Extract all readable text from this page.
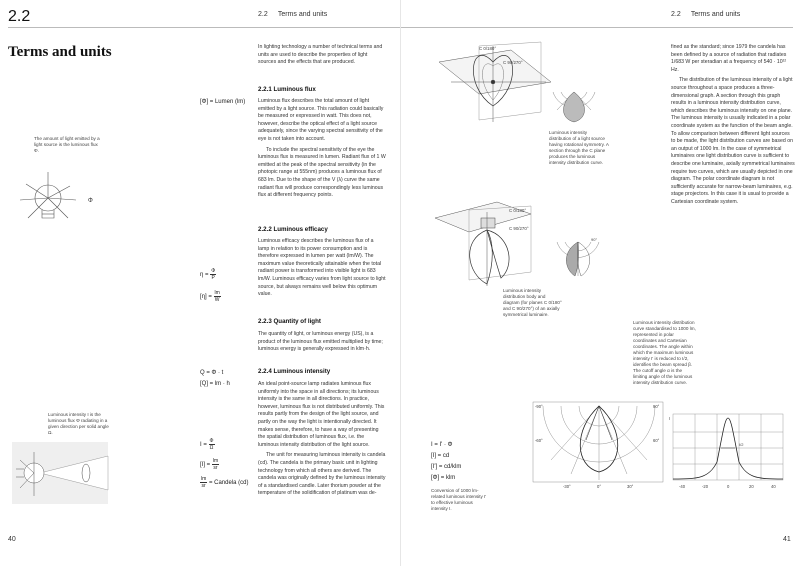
2.2	2.2 Terms and units
Terms and units	In lighting technology a number of technical terms and units are used to describe the properties of light sources and the effects that are produced.

2.2.1 Luminous flux
[Φ] = Lumen (lm) Luminous flux describes the total amount of light emitted by a light source. This radiation could basically be measured or expressed in watt. This does not, however, describe the optical effect of a light source adequately, since the varying spectral sensitivity of the eye is not taken into account.

To include the spectral sensitivity of the eye the luminous flux is measured in lumen. Radiant flux of 1 W emitted at the peak of the spectral sensitivity (in the photopic range at 555nm) produces a luminous flux of 683 lm. Due to the shape of the V (λ) curve the same radiant flux will produce correspondingly less luminous flux at different frequency points.

The amount of light emitted by a light source is the luminous flux Φ.
Φ
2.2.2 Luminous efficacy

Luminous efficacy describes the luminous flux of a lamp in relation to its power consumption and is therefore expressed in lumen per watt (lm/W). The maximum value theoretically attainable when the total radiant power is transformed into visible light is 683 lm/W. Luminous efficacy varies from light source to light source, but always remains well below this optimum value.

$\eta = \frac{\Phi}{P}$
$[\eta] = \frac{lm}{W}$
2.2.3 Quantity of light

The quantity of light, or luminous energy (US), is a product of the luminous flux emitted multiplied by time; luminous energy is generally expressed in klm·h.

Q = Φ · t
[Q] = lm · h
2.2.4 Luminous intensity

An ideal point-source lamp radiates luminous flux uniformly into the space in all directions; its luminous intensity is the same in all directions. In practice, however, luminous flux is not distributed uniformly. This results partly from the design of the light source, and partly on the way the light is intentionally directed. It makes sense, therefore, to have a way of presenting the spatial distribution of luminous flux, i.e. the luminous intensity distribution of the light source.

The unit for measuring luminous intensity is candela (cd). The candela is the primary basic unit in lighting technology from which all others are derived. The candela was originally defined by the luminous intensity of a standardised candle. Later thorium powder at the temperature of the solidification of platinum was de-

Luminous intensity I is the luminous flux Φ radiating in a given direction per solid angle Ω.
$I = \frac{\Phi}{\Omega}$
$[I] = \frac{lm}{sr}$
$\frac{lm}{sr}$ = Candela (cd)
40
2.2 Terms and units

fined as the standard; since 1979 the candela has been defined by a source of radiation that radiates 1/683 W per steradian at a frequency of 540 · 10¹² Hz.

The distribution of the luminous intensity of a light source throughout a space produces a three-dimensional graph. A section through this graph results in a luminous intensity distribution curve, which describes the luminous intensity on one plane. The luminous intensity is usually indicated in a polar coordinate system as the function of the beam angle. To allow comparison between different light sources to be made, the light distribution curves are based on an output of 1000 lm. In the case of symmetrical luminaires one light distribution curve is sufficient to describe one luminaire, axially symmetrical luminaires require two curves, which are usually depicted in one diagram. The polar coordinate diagram is not sufficiently accurate for narrow-beam luminaires, e.g. stage projectors. In this case it is usual to provide a Cartesian coordinate system.

C 0/180°
C 90/270°
Luminous intensity distribution of a light source having rotational symmetry. A section through the C plane produces the luminous intensity distribution curve.
C 0/180°
C 90/270°
90°
Luminous intensity distribution body and diagram (for planes C 0/180° and C 90/270°) of an axially symmetrical luminaire.
-90°	90°
-60°	60°
-30°	0°	30°
I
I/2
-40	-20	0	20	40
Luminous intensity distribution curve standardised to 1000 lm, represented in polar coordinates and Cartesian coordinates. The angle within which the maximum luminous intensity I' is reduced to I/2, identifies the beam spread β. The cutoff angle α is the limiting angle of the luminous intensity distribution curve.
I = I' · Φ
[I] = cd
[I'] = cd/klm
[Φ] = klm
Conversion of 1000 lm-related luminous intensity I' to effective luminous intensity I.
41
